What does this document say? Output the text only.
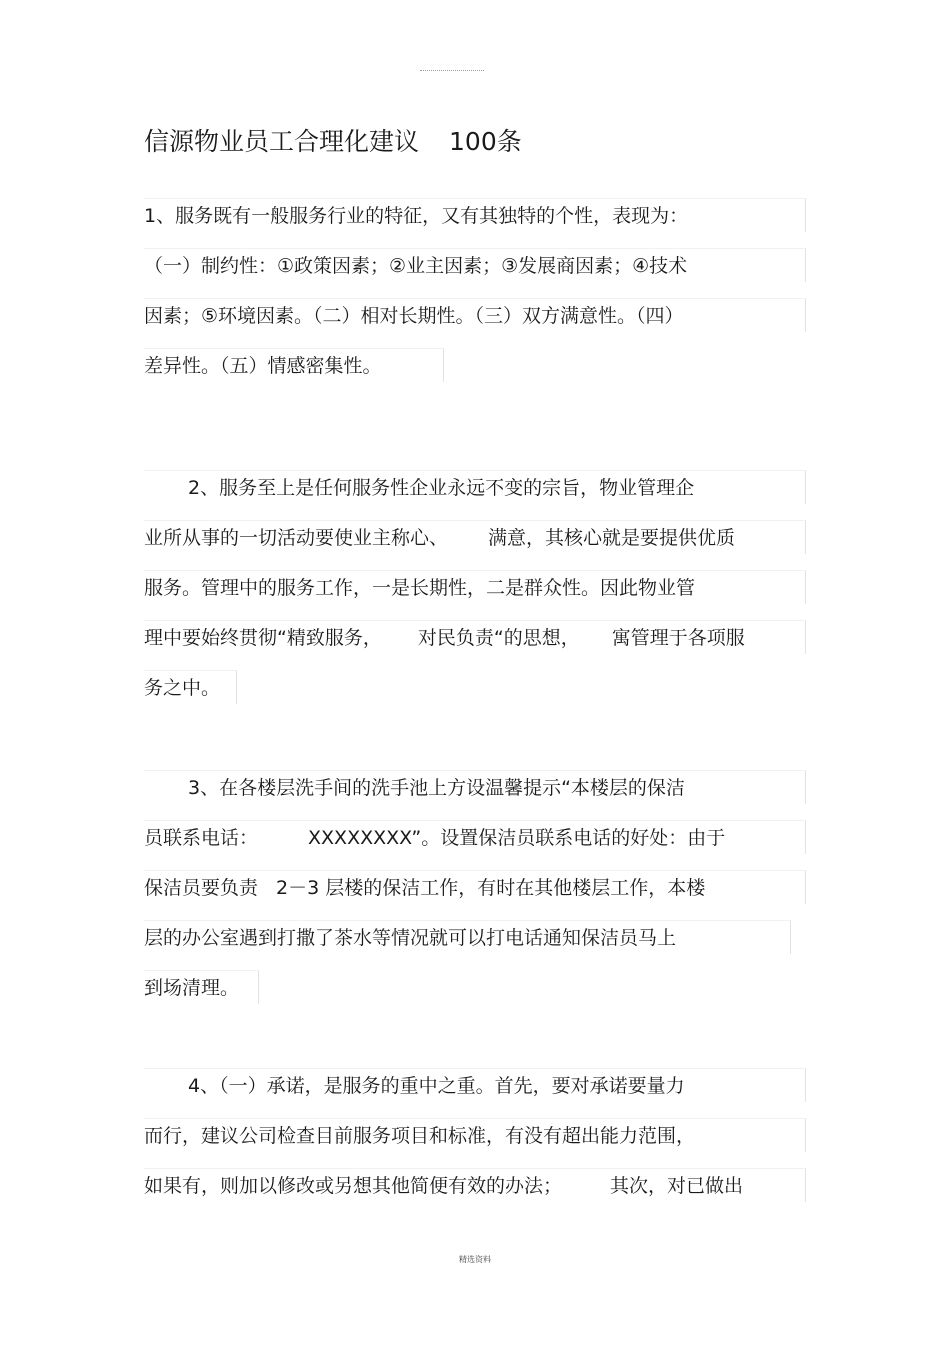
信源物业员工合理化建议 100条
1、服务既有一般服务行业的特征，又有其独特的个性，表现为：
（一）制约性：①政策因素；②业主因素；③发展商因素；④技术
因素；⑤环境因素。（二）相对长期性。（三）双方满意性。（四）
差异性。（五）情感密集性。
2、服务至上是任何服务性企业永远不变的宗旨，物业管理企
业所从事的一切活动要使业主称心、 满意，其核心就是要提供优质
服务。管理中的服务工作，一是长期性，二是群众性。因此物业管
理中要始终贯彻“精致服务， 对民负责“的思想， 寓管理于各项服
务之中。
3、在各楼层洗手间的洗手池上方设温馨提示“本楼层的保洁
员联系电话：	XXXXXXXX”。设置保洁员联系电话的好处：由于
保洁员要负责 2－3 层楼的保洁工作，有时在其他楼层工作，本楼
层的办公室遇到打撒了茶水等情况就可以打电话通知保洁员马上
到场清理。
4、（一）承诺，是服务的重中之重。首先，要对承诺要量力
而行，建议公司检查目前服务项目和标准，有没有超出能力范围，
如果有，则加以修改或另想其他简便有效的办法；	其次，对已做出
精选资料
